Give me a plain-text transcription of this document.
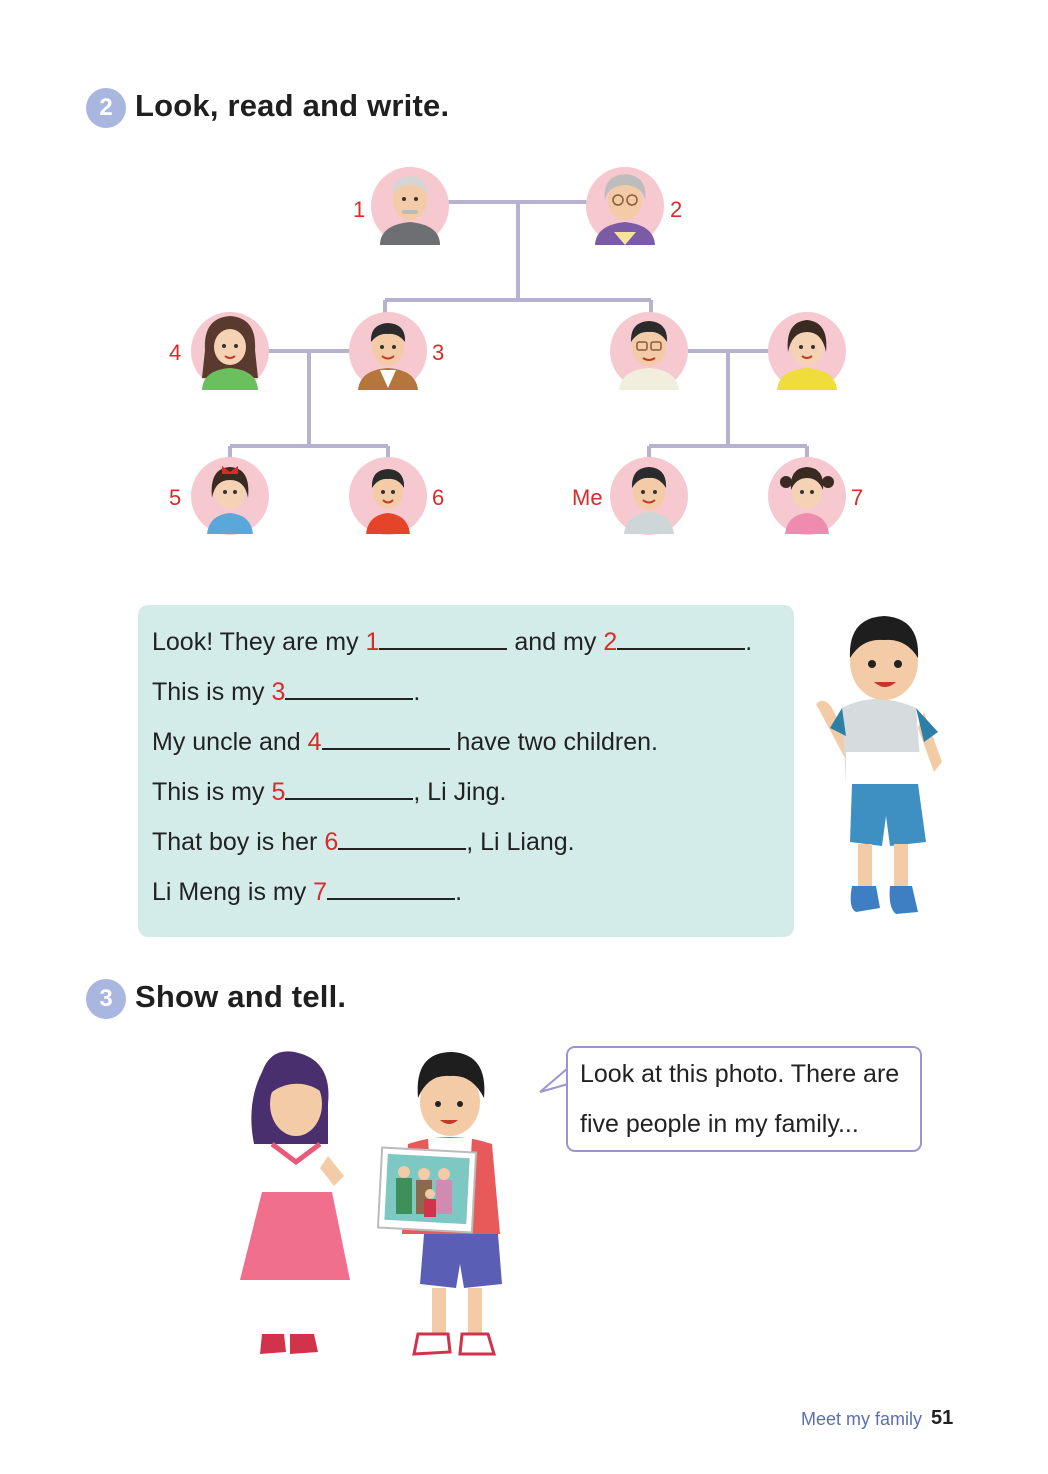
2 Look, read and write.
1	2
4	3
5	6	Me	7
Look! They are my 1	and my 2	.
This is my 3	.
My uncle and 4	have two children.
This is my 5	, Li Jing.
That boy is her 6	, Li Liang.
Li Meng is my 7	.
3 Show and tell.
Look at this photo. There are
five people in my family...
Meet my family 51
